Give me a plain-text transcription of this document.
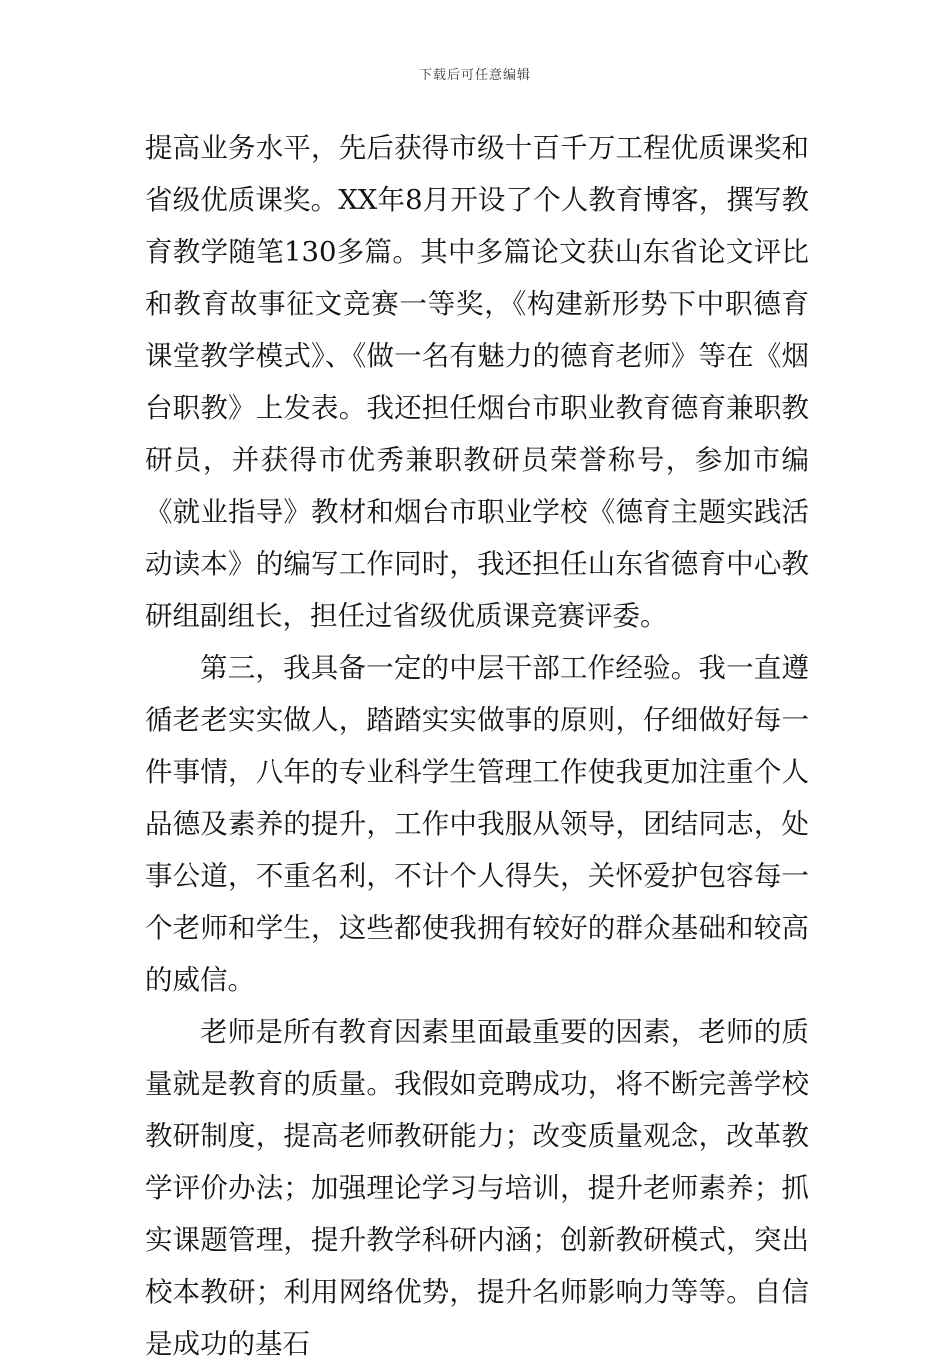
下载后可任意编辑

提高业务水平，先后获得市级十百千万工程优质课奖和省级优质课奖。XX年8月开设了个人教育博客，撰写教育教学随笔130多篇。其中多篇论文获山东省论文评比和教育故事征文竞赛一等奖，《构建新形势下中职德育课堂教学模式》、《做一名有魅力的德育老师》等在《烟台职教》上发表。我还担任烟台市职业教育德育兼职教研员，并获得市优秀兼职教研员荣誉称号，参加市编《就业指导》教材和烟台市职业学校《德育主题实践活动读本》的编写工作同时，我还担任山东省德育中心教研组副组长，担任过省级优质课竞赛评委。

第三，我具备一定的中层干部工作经验。我一直遵循老老实实做人，踏踏实实做事的原则，仔细做好每一件事情，八年的专业科学生管理工作使我更加注重个人品德及素养的提升，工作中我服从领导，团结同志，处事公道，不重名利，不计个人得失，关怀爱护包容每一个老师和学生，这些都使我拥有较好的群众基础和较高的威信。

老师是所有教育因素里面最重要的因素，老师的质量就是教育的质量。我假如竞聘成功，将不断完善学校教研制度，提高老师教研能力；改变质量观念，改革教学评价办法；加强理论学习与培训，提升老师素养；抓实课题管理，提升教学科研内涵；创新教研模式，突出校本教研；利用网络优势，提升名师影响力等等。自信是成功的基石
